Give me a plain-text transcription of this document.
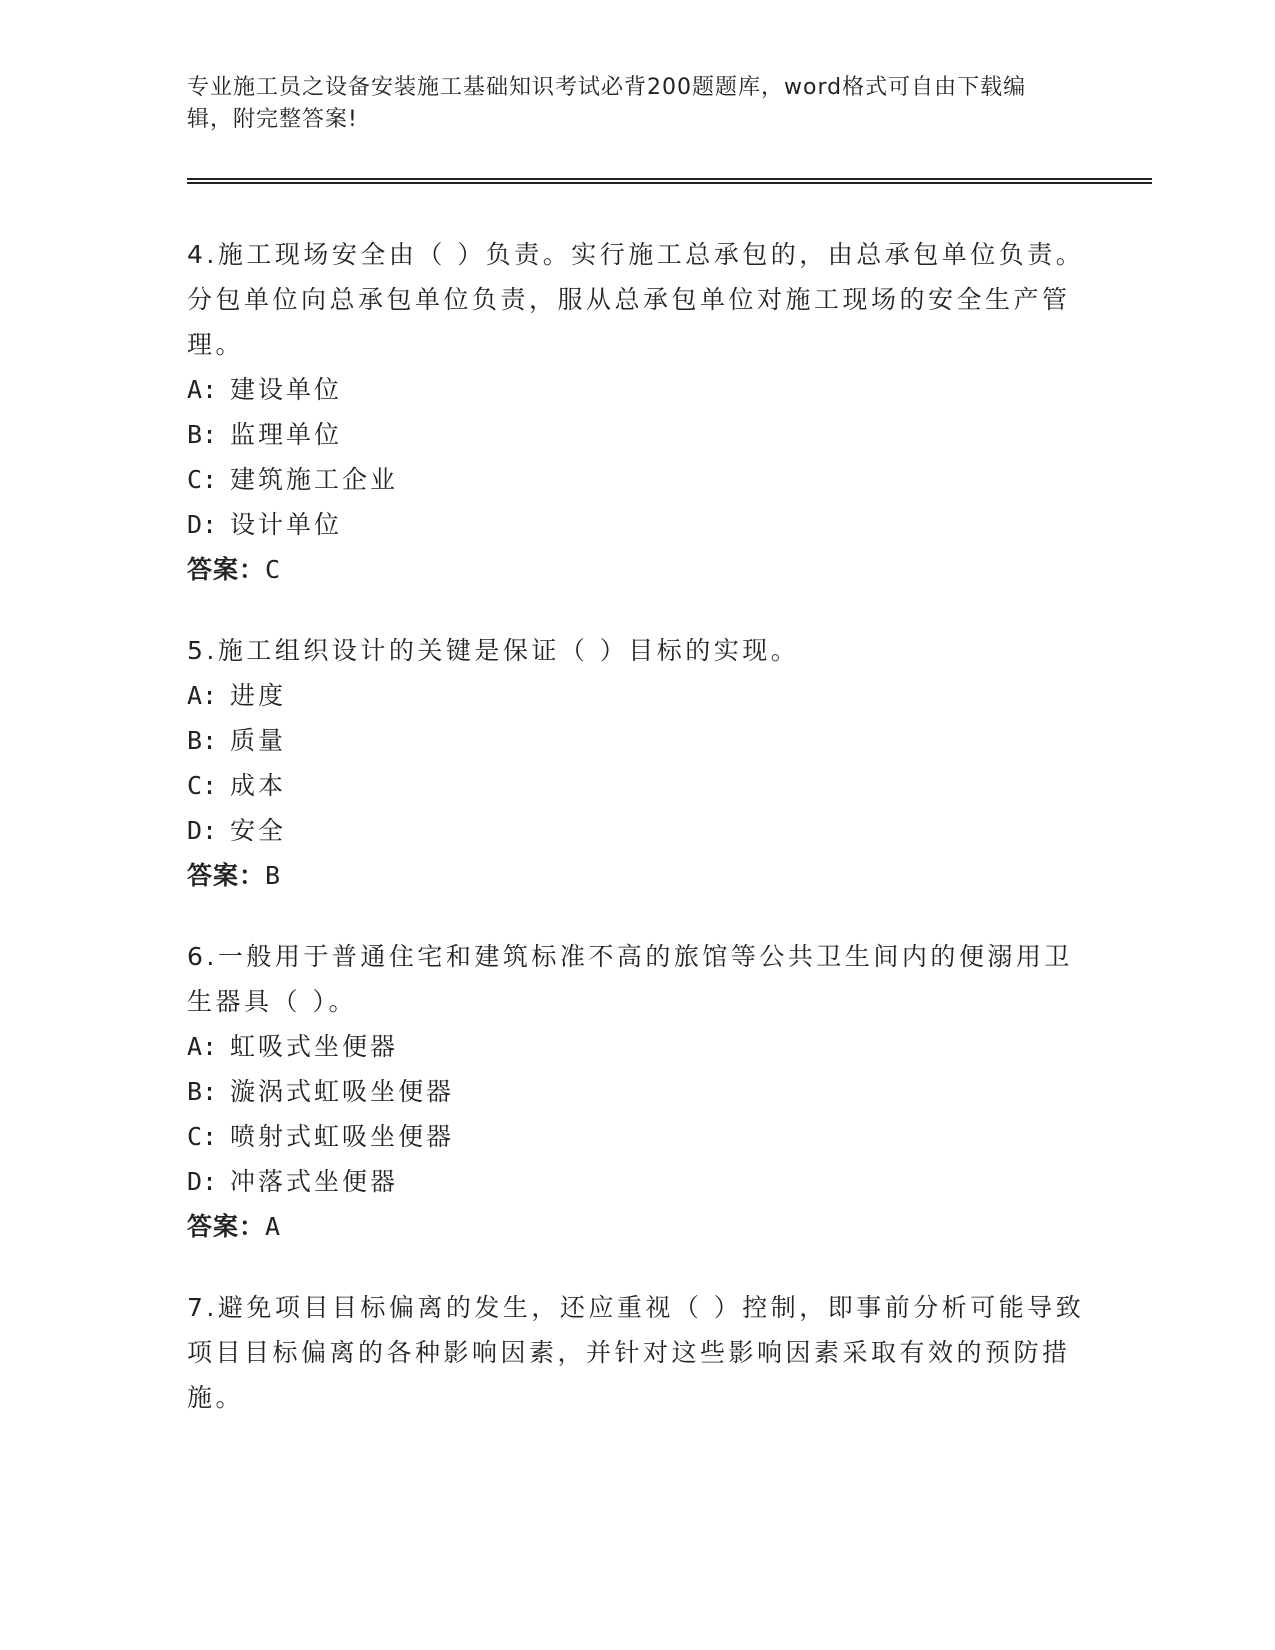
专业施工员之设备安装施工基础知识考试必背200题题库，word格式可自由下载编辑，附完整答案!
4.施工现场安全由（ ）负责。实行施工总承包的，由总承包单位负责。分包单位向总承包单位负责，服从总承包单位对施工现场的安全生产管理。
A: 建设单位
B: 监理单位
C: 建筑施工企业
D: 设计单位
答案：C
5.施工组织设计的关键是保证（ ）目标的实现。
A: 进度
B: 质量
C: 成本
D: 安全
答案：B
6.一般用于普通住宅和建筑标准不高的旅馆等公共卫生间内的便溺用卫生器具（ ）。
A: 虹吸式坐便器
B: 漩涡式虹吸坐便器
C: 喷射式虹吸坐便器
D: 冲落式坐便器
答案：A
7.避免项目目标偏离的发生，还应重视（ ）控制，即事前分析可能导致项目目标偏离的各种影响因素，并针对这些影响因素采取有效的预防措施。
